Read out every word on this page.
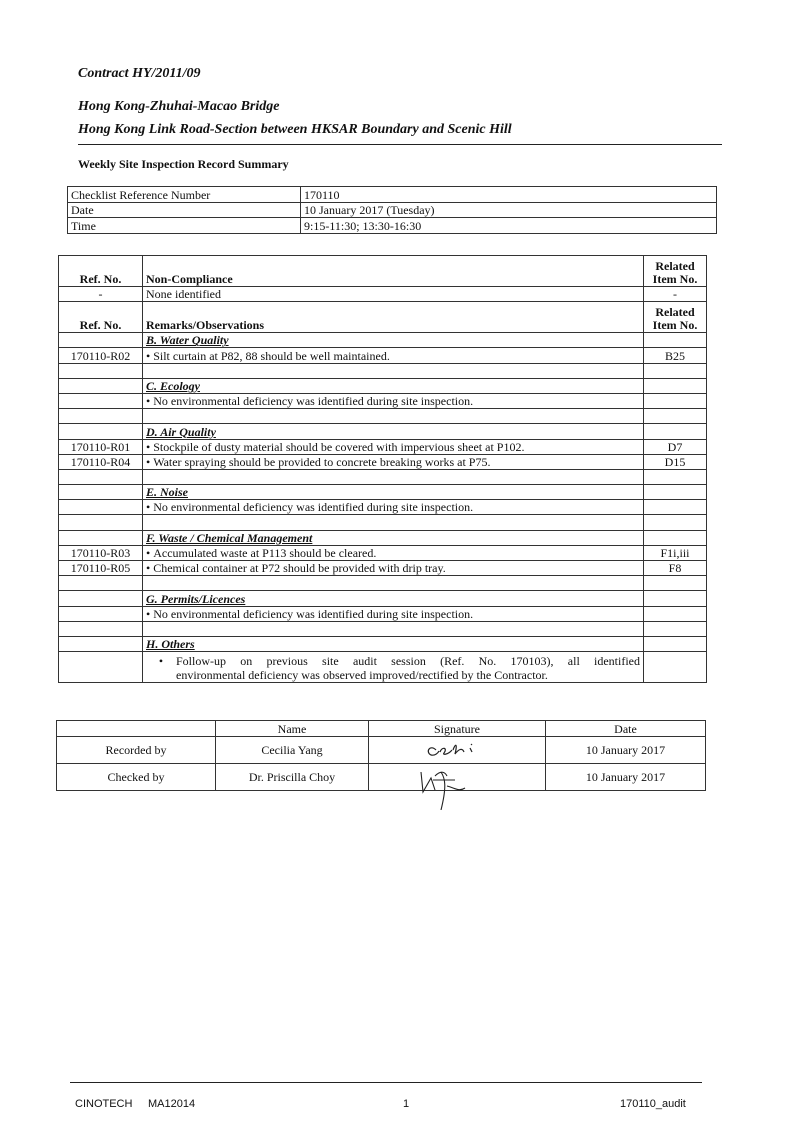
Contract HY/2011/09
Hong Kong-Zhuhai-Macao Bridge
Hong Kong Link Road-Section between HKSAR Boundary and Scenic Hill
Weekly Site Inspection Record Summary
Checklist Reference Number	170110
Date	10 January 2017 (Tuesday)
Time	9:15-11:30; 13:30-16:30
Ref. No.	Non-Compliance	Related
Item No.
-	None identified	-
Ref. No.	Remarks/Observations	Related
Item No.
	B. Water Quality	
170110-R02	• Silt curtain at P82, 88 should be well maintained.	B25

	C. Ecology	
	• No environmental deficiency was identified during site inspection.	

	D. Air Quality	
170110-R01	• Stockpile of dusty material should be covered with impervious sheet at P102.	D7
170110-R04	• Water spraying should be provided to concrete breaking works at P75.	D15

	E. Noise	
	• No environmental deficiency was identified during site inspection.	

	F. Waste / Chemical Management	
170110-R03	• Accumulated waste at P113 should be cleared.	F1i,iii
170110-R05	• Chemical container at P72 should be provided with drip tray.	F8

	G. Permits/Licences	
	• No environmental deficiency was identified during site inspection.	

	H. Others	

	• Follow-up on previous site audit session (Ref. No. 170103), all identified
environmental deficiency was observed improved/rectified by the Contractor.	

	Name	Signature	Date
Recorded by	Cecilia Yang		10 January 2017
Checked by	Dr. Priscilla Choy		10 January 2017
CINOTECH MA12014	1	170110_audit
